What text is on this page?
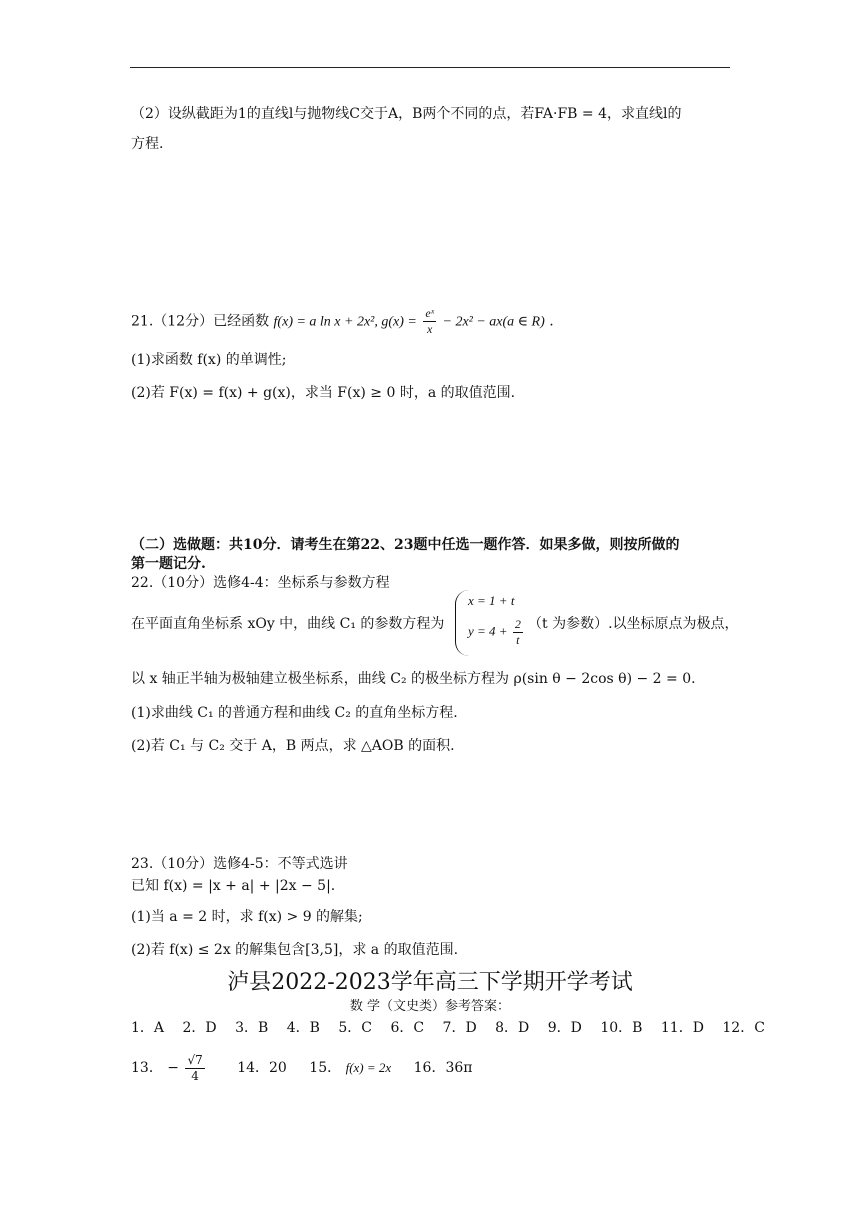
（2）设纵截距为1的直线l与抛物线C交于A，B两个不同的点，若FA·FB = 4，求直线l的
方程.
21.（12分）已经函数 f(x) = a ln x + 2x², $g(x) = \frac{\text{eˣ}}{x} - 2x^2 - ax(a$ ∈ R) .
(1)求函数 f(x) 的单调性;
(2)若 F(x) = f(x) + g(x)，求当 F(x) ≥ 0 时，a 的取值范围.
（二）选做题：共10分．请考生在第22、23题中任选一题作答．如果多做，则按所做的
第一题记分.
22.（10分）选修4-4：坐标系与参数方程
在平面直角坐标系 xOy 中，曲线 C₁ 的参数方程为
x = 1 + t
$y = 4 + \frac{2}{t} (t$ 为参数）.以坐标原点为极点，
以 x 轴正半轴为极轴建立极坐标系，曲线 C₂ 的极坐标方程为 ρ(sin θ − 2cos θ) − 2 = 0.
(1)求曲线 C₁ 的普通方程和曲线 C₂ 的直角坐标方程.
(2)若 C₁ 与 C₂ 交于 A，B 两点，求 △AOB 的面积.
23.（10分）选修4-5：不等式选讲
已知 f(x) = |x + a| + |2x − 5|.
(1)当 a = 2 时，求 f(x) > 9 的解集;
(2)若 f(x) ≤ 2x 的解集包含[3,5]，求 a 的取值范围.
泸县2022-2023学年高三下学期开学考试
数 学（文史类）参考答案：
1．A 2．D 3．B 4．B 5．C 6．C 7．D 8．D 9．D 10．B 11．D 12．C
13． − $\frac{√7}{4} 14$．20 15． f(x) = 2x 16．36π
